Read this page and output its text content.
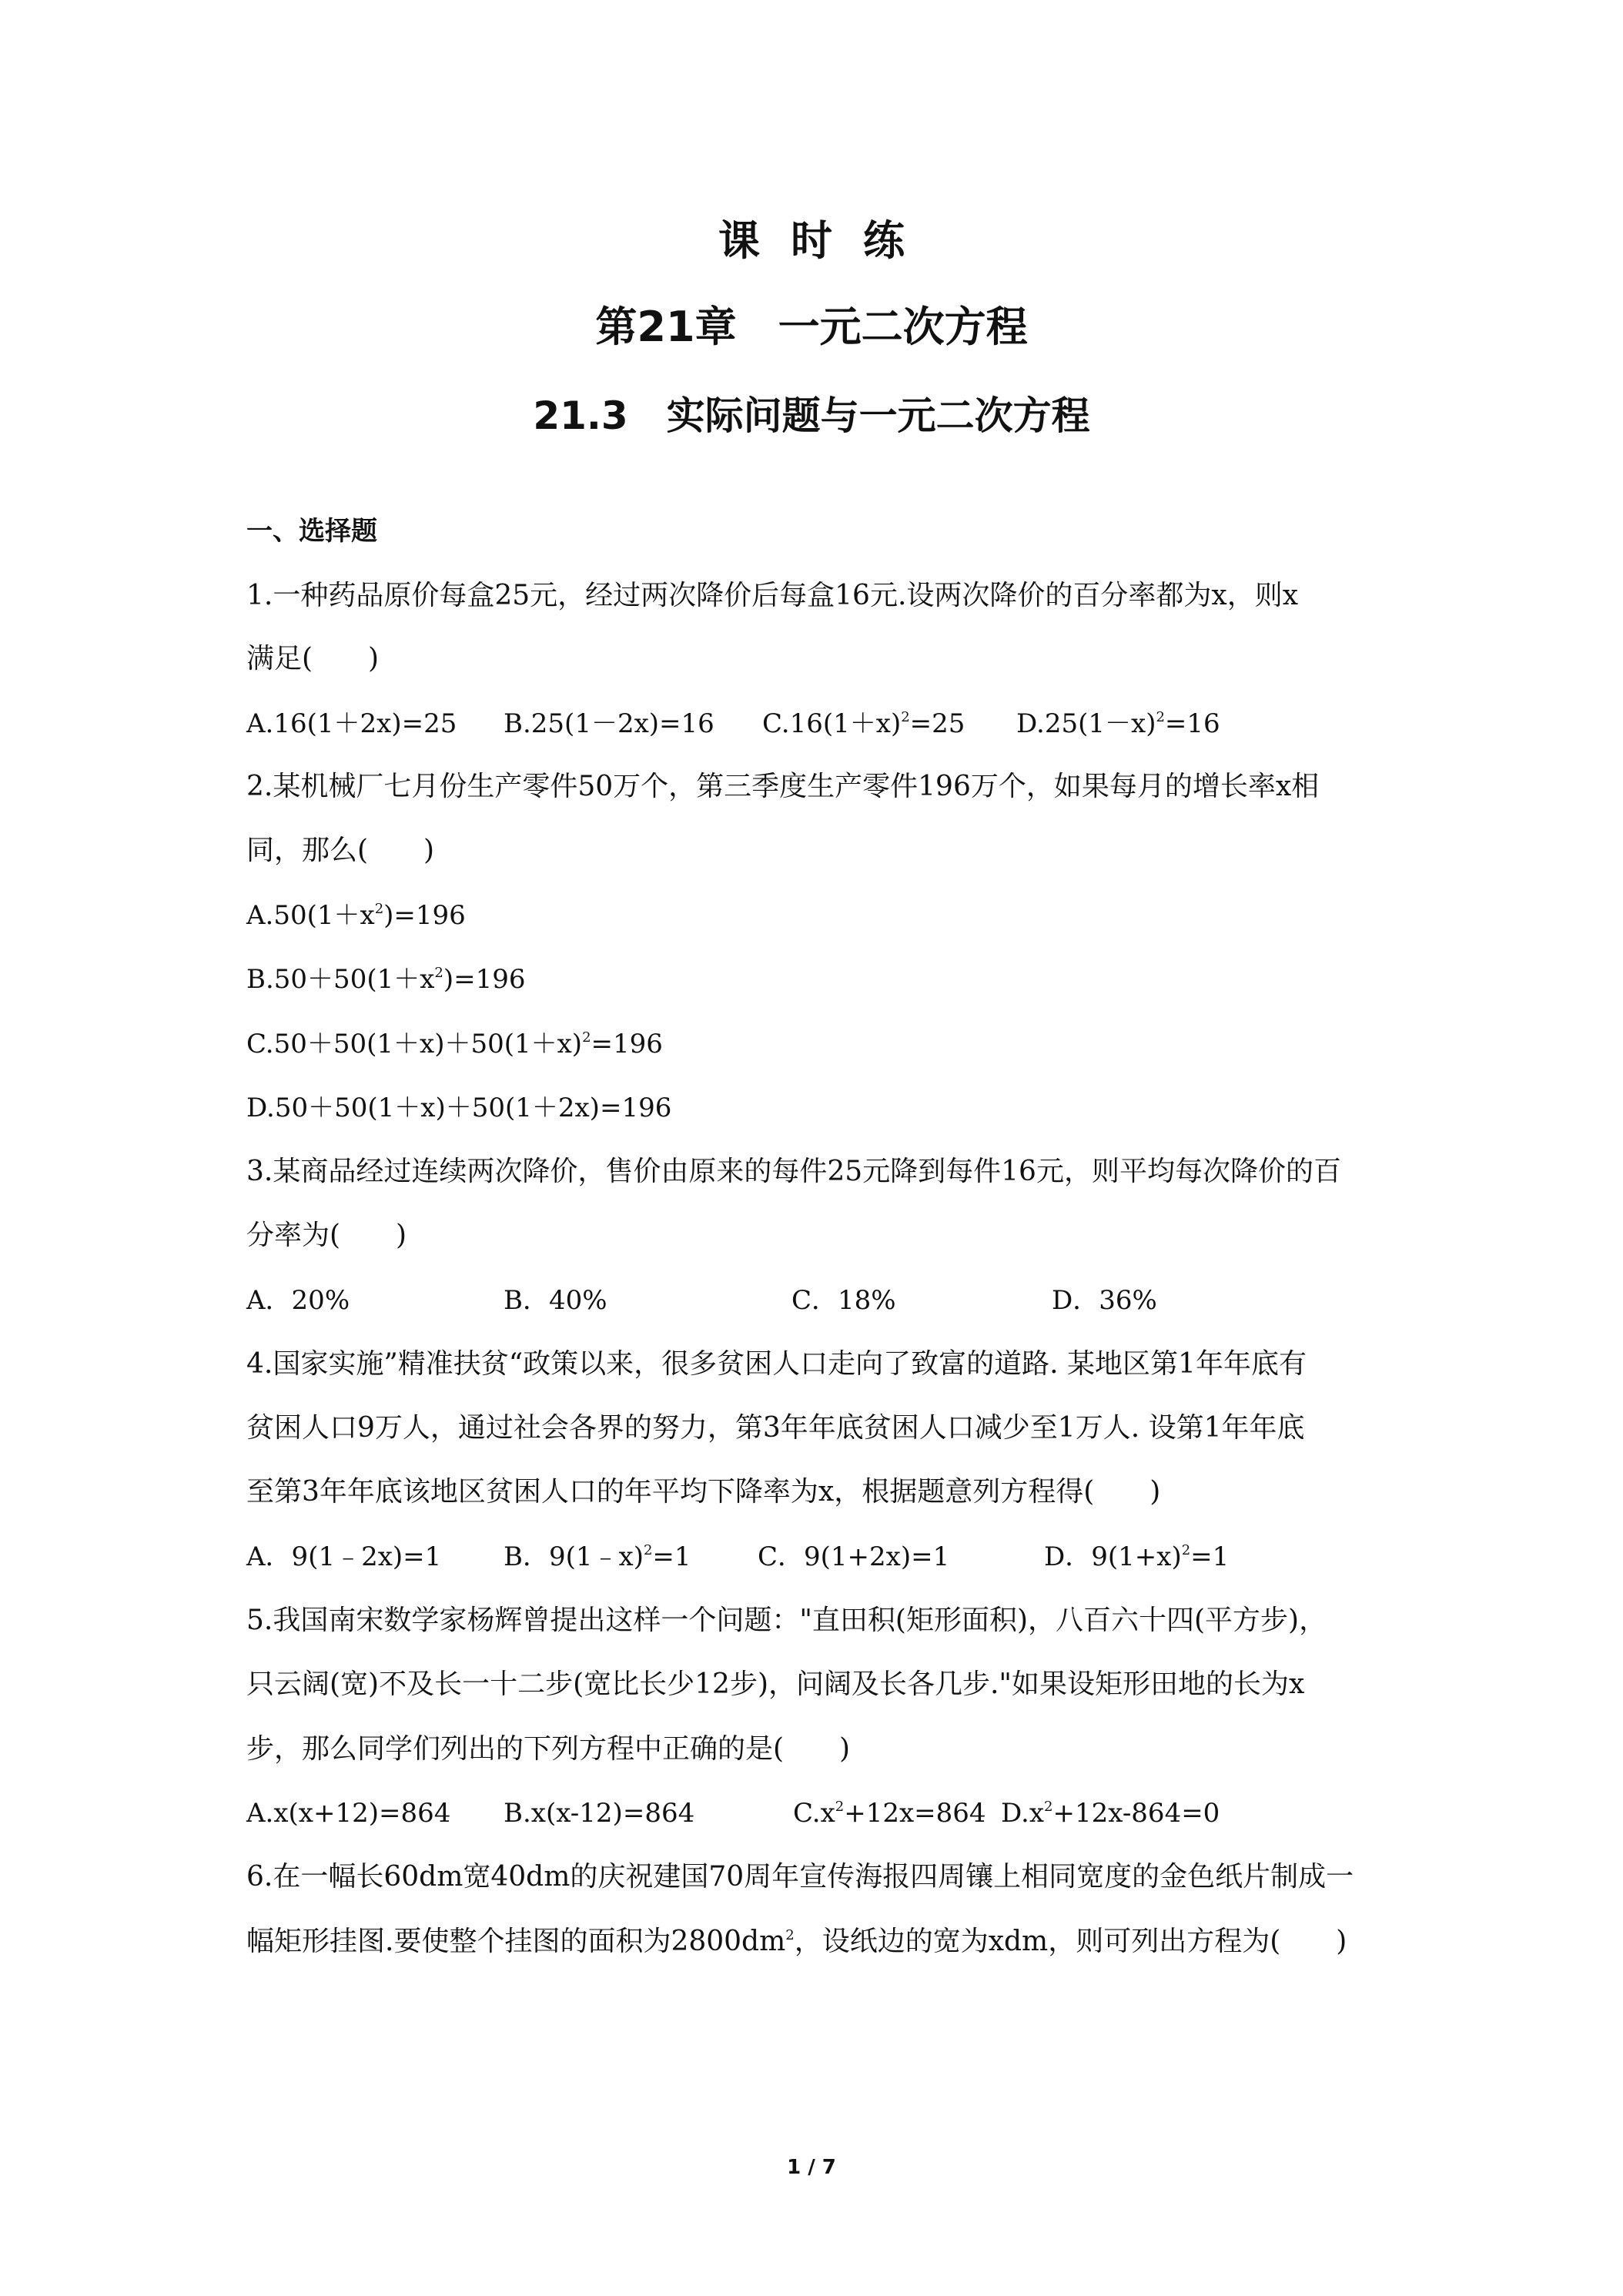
课时练
第21章　一元二次方程
21.3　实际问题与一元二次方程
一、选择题
1.一种药品原价每盒25元，经过两次降价后每盒16元.设两次降价的百分率都为x，则x
满足(　　)
A.16(1＋2x)=25 B.25(1－2x)=16 $C.16(1+x)^2=25$ $D.25(1-x)^2=16$
2.某机械厂七月份生产零件50万个，第三季度生产零件196万个，如果每月的增长率x相
同，那么(　　)
$A.50(1+x^2)=196$
$B.50+50(1+x^2)=196$
$C.50+50(1+x)+50(1+x)^2=196$
D.50＋50(1＋x)＋50(1＋2x)=196
3.某商品经过连续两次降价，售价由原来的每件25元降到每件16元，则平均每次降价的百
分率为(　　)
A．20%	B．40%	C．18%	D．36%
4.国家实施”精准扶贫“政策以来，很多贫困人口走向了致富的道路. 某地区第1年年底有
贫困人口9万人，通过社会各界的努力，第3年年底贫困人口减少至1万人. 设第1年年底
至第3年年底该地区贫困人口的年平均下降率为x，根据题意列方程得(　　)
A．9(1﹣2x)=1 B．9(1﹣x)$^2$=1	C．9(1+2x)=1	D．$9(1+x)^2=1$
5.我国南宋数学家杨辉曾提出这样一个问题："直田积(矩形面积)，八百六十四(平方步)，
只云阔(宽)不及长一十二步(宽比长少12步)，问阔及长各几步."如果设矩形田地的长为x
步，那么同学们列出的下列方程中正确的是(　　)
A.x(x+12)=864 B.x(x-12)=864	$C.x^2+12x=864$ $D.x^2+12x-864=0$
6.在一幅长60dm宽40dm的庆祝建国70周年宣传海报四周镶上相同宽度的金色纸片制成一
幅矩形挂图.要使整个挂图的面积为$2800dm^2$，设纸边的宽为xdm，则可列出方程为(　　)
1 / 7
